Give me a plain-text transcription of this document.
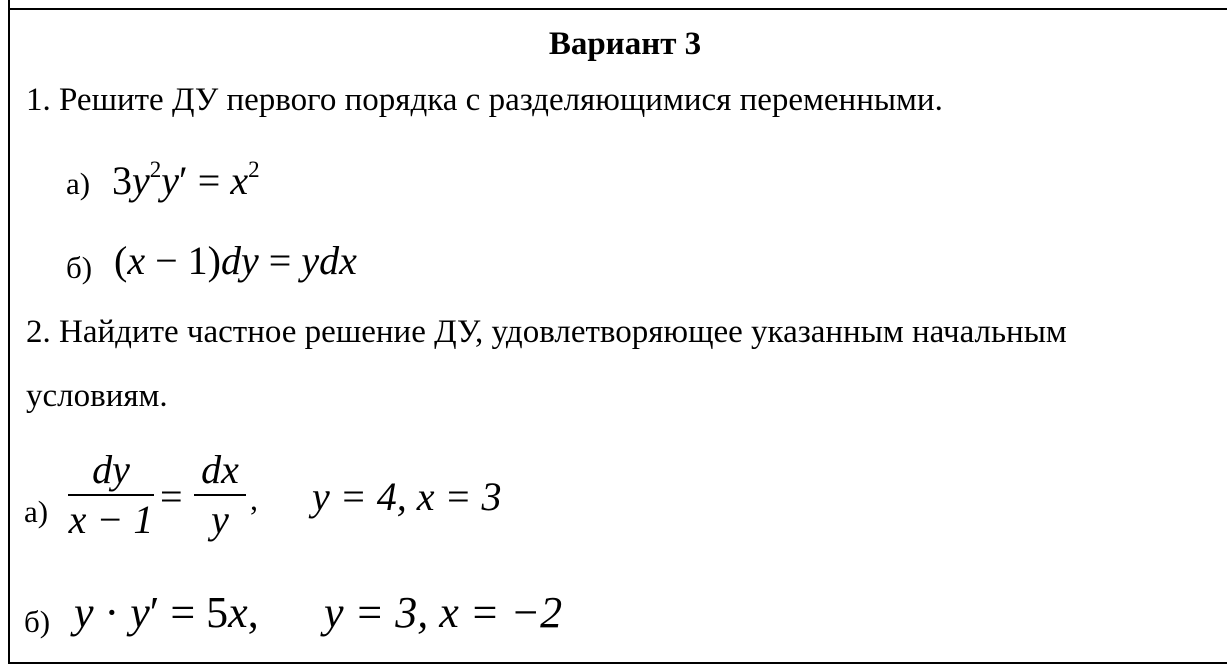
Вариант 3
1. Решите ДУ первого порядка с разделяющимися переменными.
а) $3y^2y' = x^2$
б) (x − 1)dy = ydx
2. Найдите частное решение ДУ, удовлетворяющее указанным начальным
условиям.
а)
dy
x − 1
=
dx
y , y = 4, x = 3
б) y · y′ = 5x, y = 3, x = −2
